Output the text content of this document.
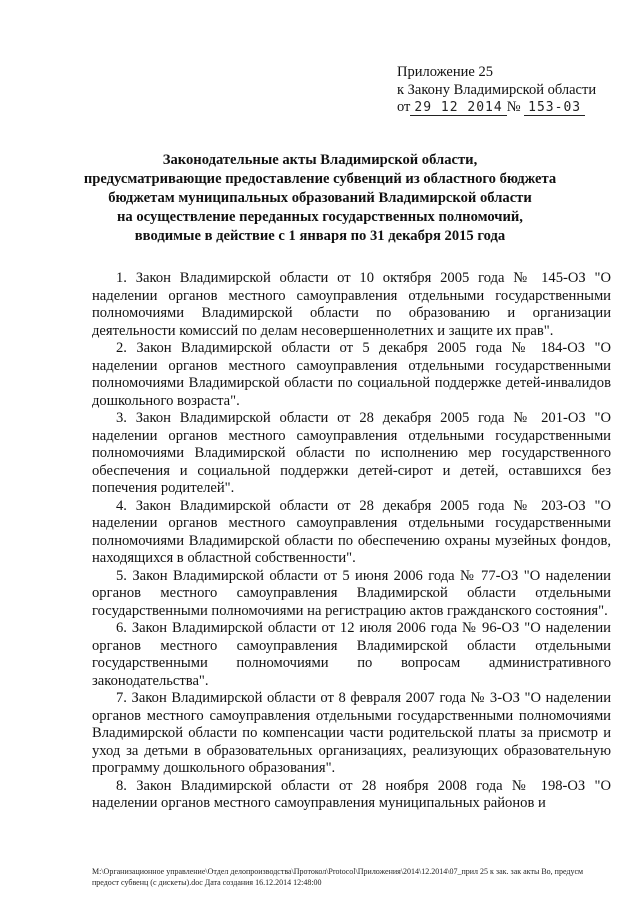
Приложение 25
к Закону Владимирской области
от 29 12 2014 № 153-03
Законодательные акты Владимирской области,
предусматривающие предоставление субвенций из областного бюджета
бюджетам муниципальных образований Владимирской области
на осуществление переданных государственных полномочий,
вводимые в действие с 1 января по 31 декабря 2015 года

1. Закон Владимирской области от 10 октября 2005 года № 145-ОЗ "О наделении органов местного самоуправления отдельными государственными полномочиями Владимирской области по образованию и организации деятельности комиссий по делам несовершеннолетних и защите их прав".

2. Закон Владимирской области от 5 декабря 2005 года № 184-ОЗ "О наделении органов местного самоуправления отдельными государственными полномочиями Владимирской области по социальной поддержке детей-инвалидов дошкольного возраста".

3. Закон Владимирской области от 28 декабря 2005 года № 201-ОЗ "О наделении органов местного самоуправления отдельными государственными полномочиями Владимирской области по исполнению мер государственного обеспечения и социальной поддержки детей-сирот и детей, оставшихся без попечения родителей".

4. Закон Владимирской области от 28 декабря 2005 года № 203-ОЗ "О наделении органов местного самоуправления отдельными государственными полномочиями Владимирской области по обеспечению охраны музейных фондов, находящихся в областной собственности".

5. Закон Владимирской области от 5 июня 2006 года № 77-ОЗ "О наделении органов местного самоуправления Владимирской области отдельными государственными полномочиями на регистрацию актов гражданского состояния".

6. Закон Владимирской области от 12 июля 2006 года № 96-ОЗ "О наделении органов местного самоуправления Владимирской области отдельными государственными полномочиями по вопросам административного законодательства".

7. Закон Владимирской области от 8 февраля 2007 года № 3-ОЗ "О наделении органов местного самоуправления отдельными государственными полномочиями Владимирской области по компенсации части родительской платы за присмотр и уход за детьми в образовательных организациях, реализующих образовательную программу дошкольного образования".

8. Закон Владимирской области от 28 ноября 2008 года № 198-ОЗ "О наделении органов местного самоуправления муниципальных районов и

M:\Организационное управление\Отдел делопроизводства\Протокол\Protocol\Приложения\2014\12.2014\07_прил 25 к зак. зак акты Во, предусм
предост субвенц (с дискеты).doc Дата создания 16.12.2014 12:48:00
